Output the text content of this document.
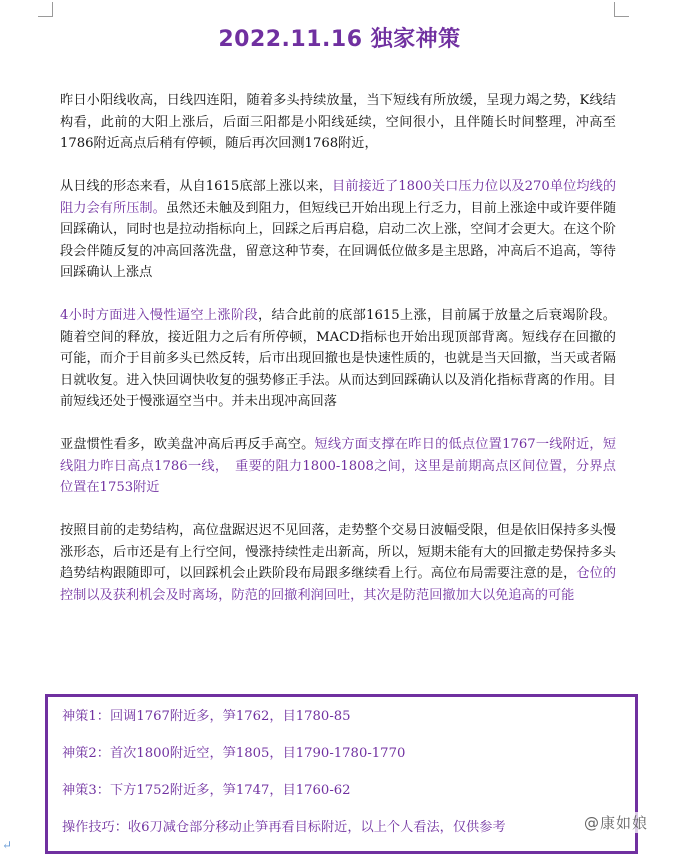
2022.11.16 独家神策

昨日小阳线收高，日线四连阳，随着多头持续放量，当下短线有所放缓，呈现力竭之势，K线结构看，此前的大阳上涨后，后面三阳都是小阳线延续，空间很小，且伴随长时间整理，冲高至1786附近高点后稍有停顿，随后再次回测1768附近，

从日线的形态来看，从自1615底部上涨以来，目前接近了1800关口压力位以及270单位均线的阻力会有所压制。虽然还未触及到阻力，但短线已开始出现上行乏力，目前上涨途中或许要伴随回踩确认，同时也是拉动指标向上，回踩之后再启稳，启动二次上涨，空间才会更大。在这个阶段会伴随反复的冲高回落洗盘，留意这种节奏，在回调低位做多是主思路，冲高后不追高，等待回踩确认上涨点

4小时方面进入慢性逼空上涨阶段，结合此前的底部1615上涨，目前属于放量之后衰竭阶段。随着空间的释放，接近阻力之后有所停顿，MACD指标也开始出现顶部背离。短线存在回撤的可能，而介于目前多头已然反转，后市出现回撤也是快速性质的，也就是当天回撤，当天或者隔日就收复。进入快回调快收复的强势修正手法。从而达到回踩确认以及消化指标背离的作用。目前短线还处于慢涨逼空当中。并未出现冲高回落

亚盘惯性看多，欧美盘冲高后再反手高空。短线方面支撑在昨日的低点位置1767一线附近，短线阻力昨日高点1786一线，　重要的阻力1800-1808之间，这里是前期高点区间位置，分界点位置在1753附近

按照目前的走势结构，高位盘踞迟迟不见回落，走势整个交易日波幅受限，但是依旧保持多头慢涨形态，后市还是有上行空间，慢涨持续性走出新高，所以，短期未能有大的回撤走势保持多头趋势结构跟随即可，以回踩机会止跌阶段布局跟多继续看上行。高位布局需要注意的是，仓位的控制以及获利机会及时离场，防范的回撤利润回吐，其次是防范回撤加大以免追高的可能

神策1：回调1767附近多，笋1762，目1780-85
神策2：首次1800附近空，笋1805，目1790-1780-1770
神策3：下方1752附近多，笋1747，目1760-62
操作技巧：收6刀减仓部分移动止笋再看目标附近，以上个人看法，仅供参考	@康如娘
↵
